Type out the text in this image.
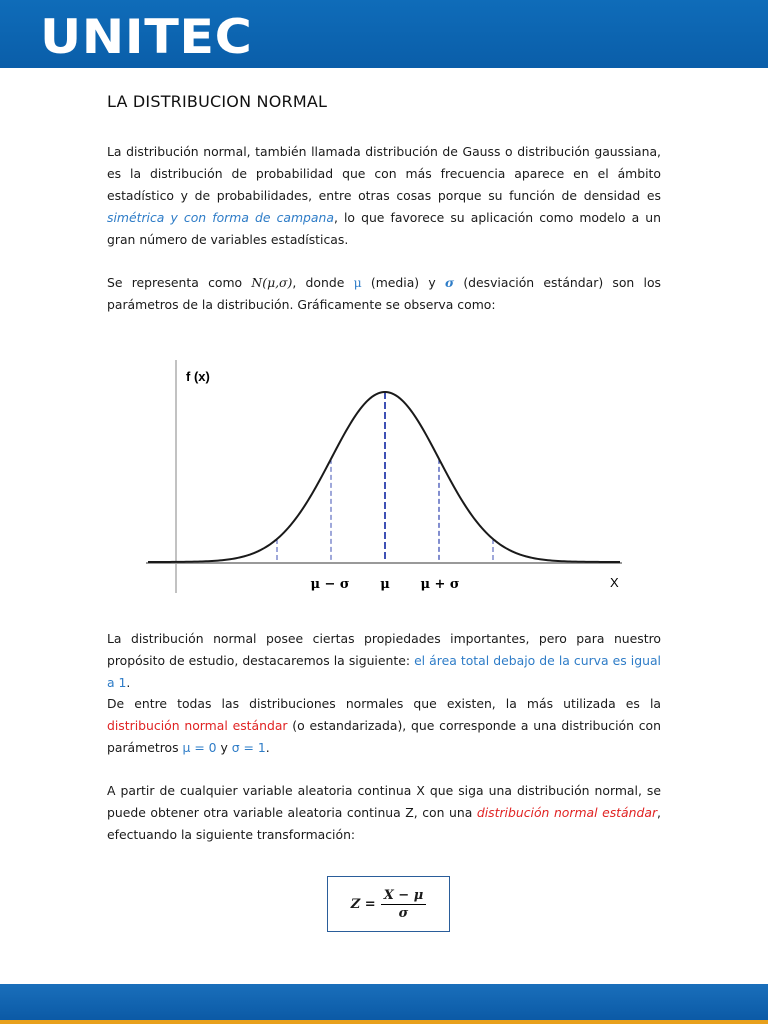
UNITEC
LA DISTRIBUCION NORMAL

La distribución normal, también llamada distribución de Gauss o distribución gaussiana, es la distribución de probabilidad que con más frecuencia aparece en el ámbito estadístico y de probabilidades, entre otras cosas porque su función de densidad es simétrica y con forma de campana, lo que favorece su aplicación como modelo a un gran número de variables estadísticas.

Se representa como N(μ,σ), donde μ (media) y σ (desviación estándar) son los parámetros de la distribución. Gráficamente se observa como:

f (x)
X
μ − σ μ μ + σ

La distribución normal posee ciertas propiedades importantes, pero para nuestro propósito de estudio, destacaremos la siguiente: el área total debajo de la curva es igual a 1.

De entre todas las distribuciones normales que existen, la más utilizada es la distribución normal estándar (o estandarizada), que corresponde a una distribución con parámetros μ = 0 y σ = 1.

A partir de cualquier variable aleatoria continua X que siga una distribución normal, se puede obtener otra variable aleatoria continua Z, con una distribución normal estándar, efectuando la siguiente transformación:

$Z = \frac{X - \mu}{\sigma}$
